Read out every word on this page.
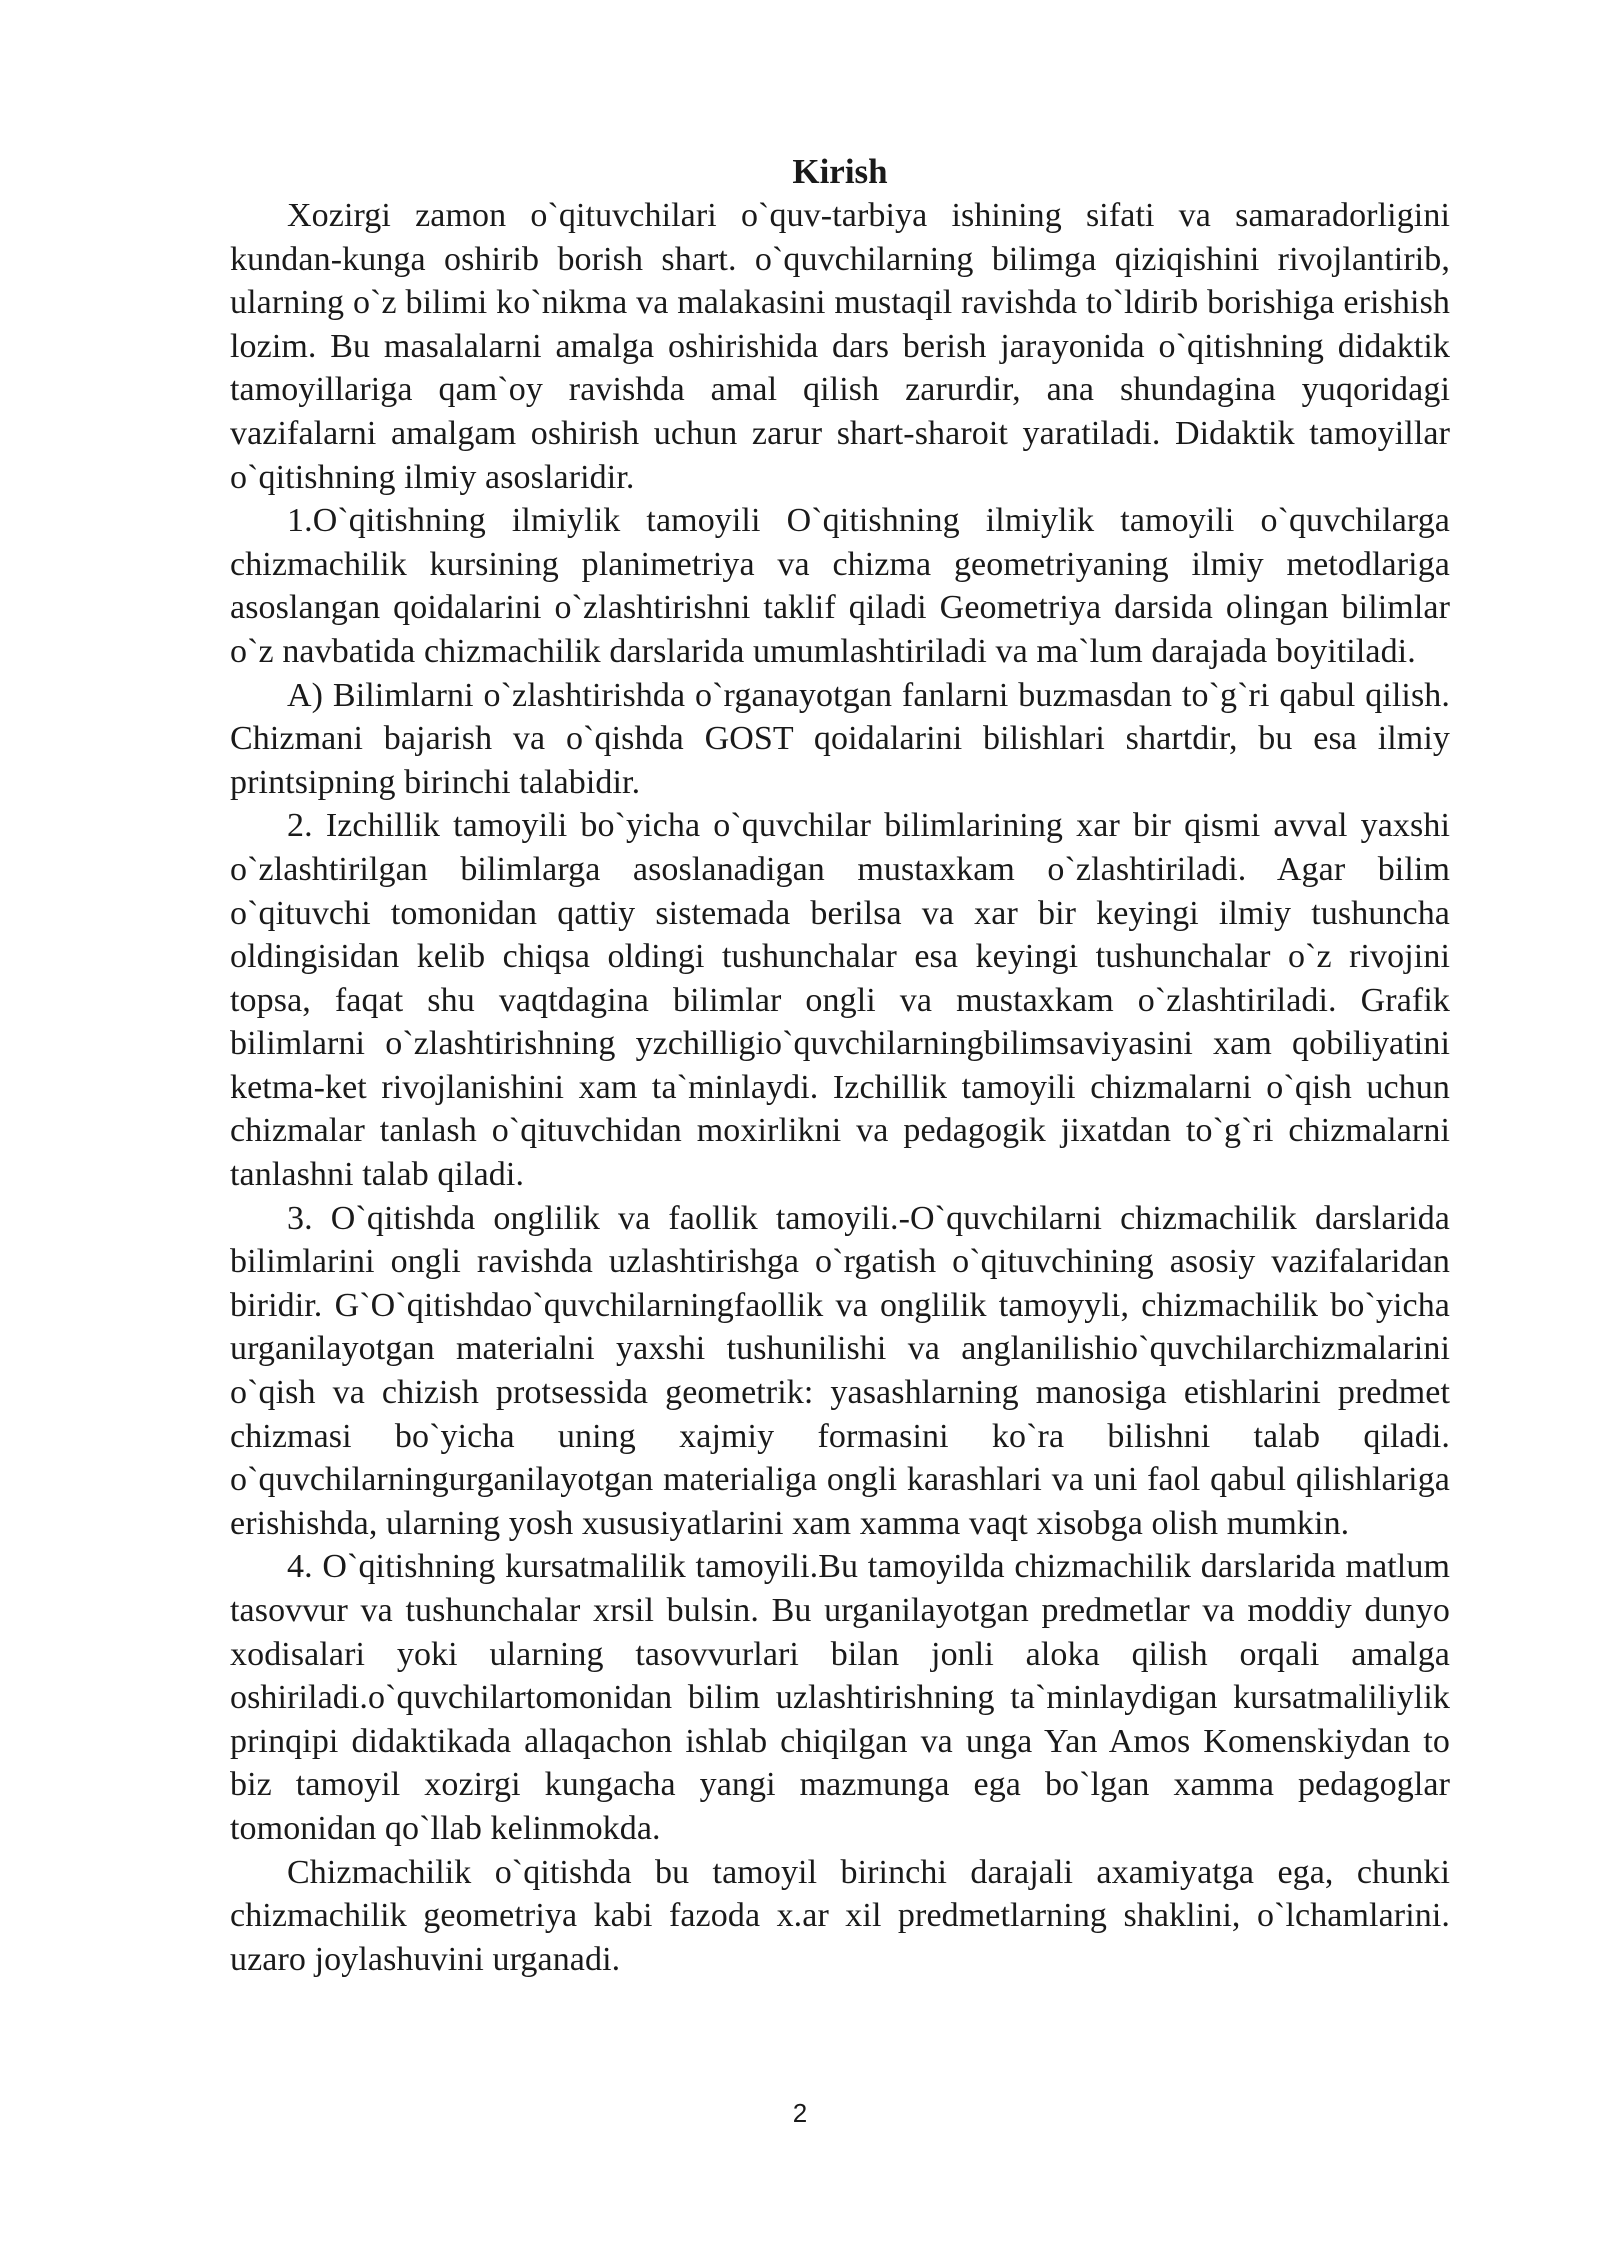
Kirish

Xozirgi zamon o`qituvchilari o`quv-tarbiya ishining sifati va samaradorligini kundan-kunga oshirib borish shart. o`quvchilarning bilimga qiziqishini rivojlantirib, ularning o`z bilimi ko`nikma va malakasini mustaqil ravishda to`ldirib borishiga erishish lozim. Bu masalalarni amalga oshirishida dars berish jarayonida o`qitishning didaktik tamoyillariga qam`oy ravishda amal qilish zarurdir, ana shundagina yuqoridagi vazifalarni amalgam oshirish uchun zarur shart-sharoit yaratiladi. Didaktik tamoyillar o`qitishning ilmiy asoslaridir.

1.O`qitishning ilmiylik tamoyili O`qitishning ilmiylik tamoyili o`quvchilarga chizmachilik kursining planimetriya va chizma geometriyaning ilmiy metodlariga asoslangan qoidalarini o`zlashtirishni taklif qiladi Geometriya darsida olingan bilimlar o`z navbatida chizmachilik darslarida umumlashtiriladi va ma`lum darajada boyitiladi.

A) Bilimlarni o`zlashtirishda o`rganayotgan fanlarni buzmasdan to`g`ri qabul qilish. Chizmani bajarish va o`qishda GOST qoidalarini bilishlari shartdir, bu esa ilmiy printsipning birinchi talabidir.

2. Izchillik tamoyili bo`yicha o`quvchilar bilimlarining xar bir qismi avval yaxshi o`zlashtirilgan bilimlarga asoslanadigan mustaxkam o`zlashtiriladi. Agar bilim o`qituvchi tomonidan qattiy sistemada berilsa va xar bir keyingi ilmiy tushuncha oldingisidan kelib chiqsa oldingi tushunchalar esa keyingi tushunchalar o`z rivojini topsa, faqat shu vaqtdagina bilimlar ongli va mustaxkam o`zlashtiriladi. Grafik bilimlarni o`zlashtirishning yzchilligio`quvchilarningbilimsaviyasini xam qobiliyatini ketma-ket rivojlanishini xam ta`minlaydi. Izchillik tamoyili chizmalarni o`qish uchun chizmalar tanlash o`qituvchidan moxirlikni va pedagogik jixatdan to`g`ri chizmalarni tanlashni talab qiladi.

3. O`qitishda onglilik va faollik tamoyili.-O`quvchilarni chizmachilik darslarida bilimlarini ongli ravishda uzlashtirishga o`rgatish o`qituvchining asosiy vazifalaridan biridir. G`O`qitishdao`quvchilarningfaollik va onglilik tamoyyli, chizmachilik bo`yicha urganilayotgan materialni yaxshi tushunilishi va anglanilishio`quvchilarchizmalarini o`qish va chizish protsessida geometrik: yasashlarning manosiga etishlarini predmet chizmasi bo`yicha uning xajmiy formasini ko`ra bilishni talab qiladi. o`quvchilarningurganilayotgan materialiga ongli karashlari va uni faol qabul qilishlariga erishishda, ularning yosh xususiyatlarini xam xamma vaqt xisobga olish mumkin.

4. O`qitishning kursatmalilik tamoyili.Bu tamoyilda chizmachilik darslarida matlum tasovvur va tushunchalar xrsil bulsin. Bu urganilayotgan predmetlar va moddiy dunyo xodisalari yoki ularning tasovvurlari bilan jonli aloka qilish orqali amalga oshiriladi.o`quvchilartomonidan bilim uzlashtirishning ta`minlaydigan kursatmaliliylik prinqipi didaktikada allaqachon ishlab chiqilgan va unga Yan Amos Komenskiydan to biz tamoyil xozirgi kungacha yangi mazmunga ega bo`lgan xamma pedagoglar tomonidan qo`llab kelinmokda.

Chizmachilik o`qitishda bu tamoyil birinchi darajali axamiyatga ega, chunki chizmachilik geometriya kabi fazoda x.ar xil predmetlarning shaklini, o`lchamlarini. uzaro joylashuvini urganadi.

2
